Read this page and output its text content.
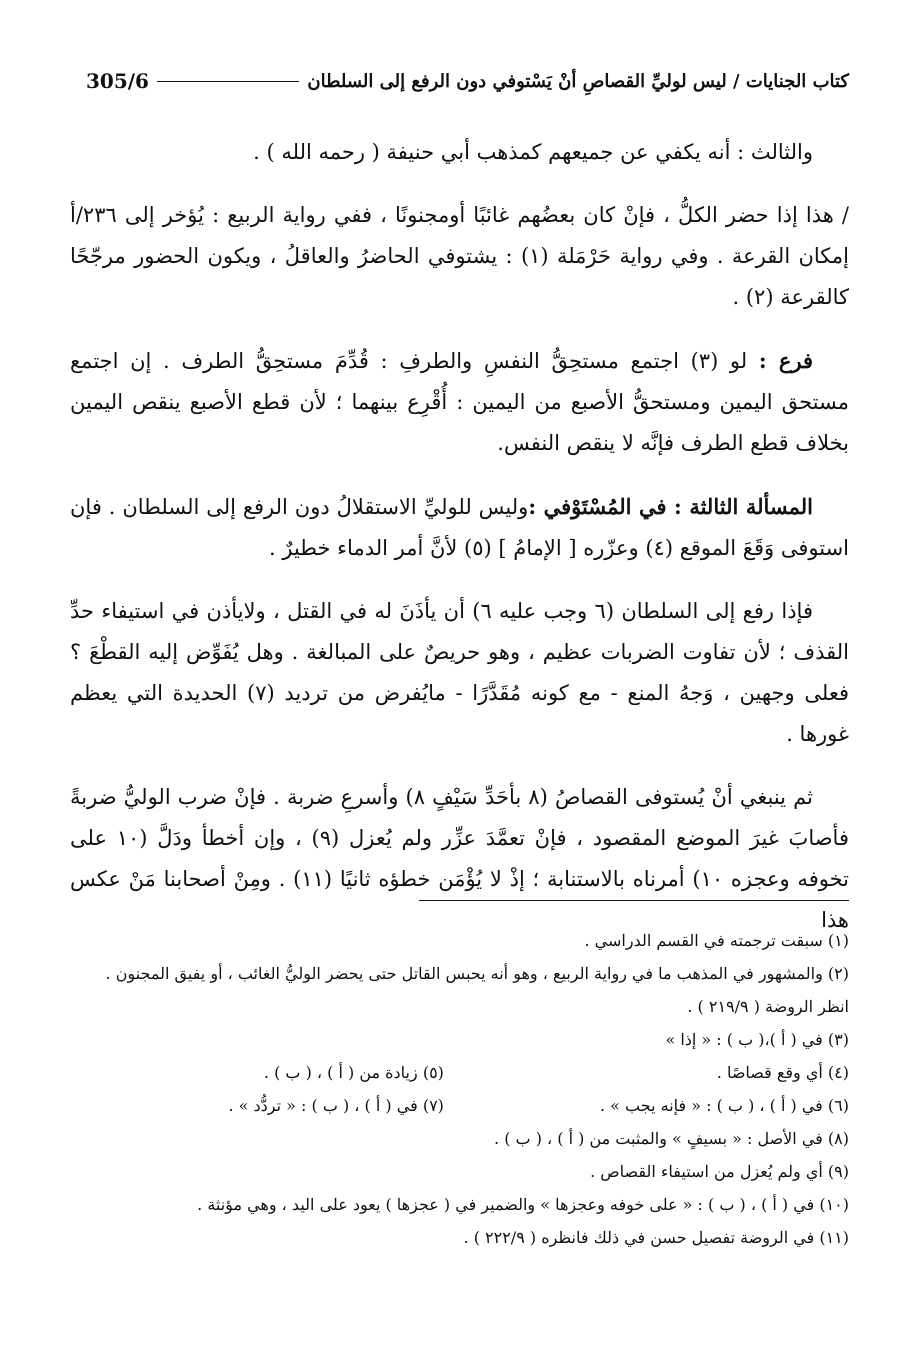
كتاب الجنايات / ليس لوليِّ القصاصِ أنْ يَسْتوفي دون الرفع إلى السلطان
305/6

والثالث : أنه يكفي عن جميعهم كمذهب أبي حنيفة ( رحمه الله ) .

/ هذا إذا حضر الكلُّ ، فإنْ كان بعضُهم غائبًا أومجنونًا ، ففي رواية الربيع : يُؤخر إلى ٢٣٦/أ إمكان القرعة . وفي رواية حَرْمَلة (١) : يشتوفي الحاضرُ والعاقلُ ، ويكون الحضور مرجّحًا كالقرعة (٢) .

فرع : لو (٣) اجتمع مستحِقُّ النفسِ والطرفِ : قُدِّمَ مستحِقُّ الطرف . إن اجتمع مستحق اليمين ومستحقُّ الأصبع من اليمين : أُقْرِع بينهما ؛ لأن قطع الأصبع ينقص اليمين بخلاف قطع الطرف فإنَّه لا ينقص النفس.

المسألة الثالثة : في المُسْتَوْفي :وليس للوليِّ الاستقلالُ دون الرفع إلى السلطان . فإن استوفى وَقَعَ الموقع (٤) وعزّره [ الإمامُ ] (٥) لأنَّ أمر الدماء خطيرٌ .

فإذا رفع إلى السلطان (٦ وجب عليه ٦) أن يأذَنَ له في القتل ، ولايأذن في استيفاء حدِّ القذف ؛ لأن تفاوت الضربات عظيم ، وهو حريصٌ على المبالغة . وهل يُفَوِّض إليه القطْعَ ؟ فعلى وجهين ، وَجهُ المنع - مع كونه مُقَدَّرًا - مايُفرض من ترديد (٧) الحديدة التي يعظم غورها .

ثم ينبغي أنْ يُستوفى القصاصُ (٨ بأحَدِّ سَيْفٍ ٨) وأسرعِ ضربة . فإنْ ضرب الوليُّ ضربةً فأصابَ غيرَ الموضع المقصود ، فإنْ تعمَّدَ عزِّر ولم يُعزل (٩) ، وإن أخطأ ودَلَّ (١٠ على تخوفه وعجزه ١٠) أمرناه بالاستنابة ؛ إذْ لا يُؤْمَن خطؤه ثانيًا (١١) . ومِنْ أصحابنا مَنْ عكس هذا

(١) سبقت ترجمته في القسم الدراسي .

(٢) والمشهور في المذهب ما في رواية الربيع ، وهو أنه يحبس القاتل حتى يحضر الوليُّ الغائب ، أو يفيق المجنون . انظر الروضة ( ٢١٩/٩ ) .

(٣) في ( أ )،( ب ) : « إذا »

(٤) أي وقع قصاصًا .

(٥) زيادة من ( أ ) ، ( ب ) .

(٦) في ( أ ) ، ( ب ) : « فإنه يجب » .

(٧) في ( أ ) ، ( ب ) : « تردُّد » .

(٨) في الأصل : « بسيفٍ » والمثبت من ( أ ) ، ( ب ) .

(٩) أي ولم يُعزل من استيفاء القصاص .

(١٠) في ( أ ) ، ( ب ) : « على خوفه وعجزها » والضمير في ( عجزها ) يعود على اليد ، وهي مؤنثة .

(١١) في الروضة تفصيل حسن في ذلك فانظره ( ٢٢٢/٩ ) .
